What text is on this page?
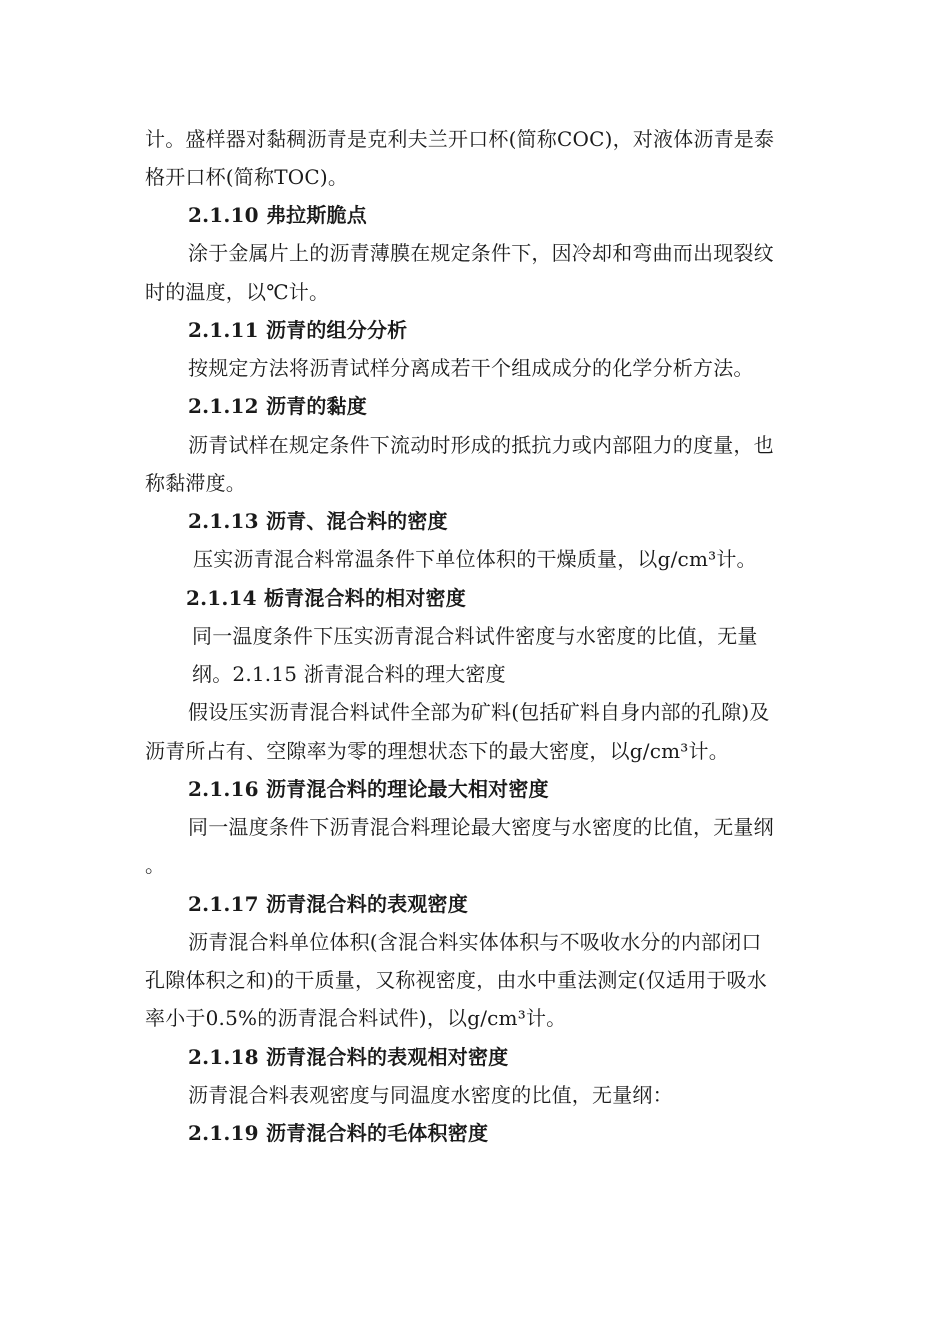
计。盛样器对黏稠沥青是克利夫兰开口杯(简称COC)，对液体沥青是泰
格开口杯(简称TOC)。
2.1.10 弗拉斯脆点
涂于金属片上的沥青薄膜在规定条件下，因冷却和弯曲而出现裂纹
时的温度，以℃计。
2.1.11 沥青的组分分析
按规定方法将沥青试样分离成若干个组成成分的化学分析方法。
2.1.12 沥青的黏度
沥青试样在规定条件下流动时形成的抵抗力或内部阻力的度量，也
称黏滞度。
2.1.13 沥青、混合料的密度
压实沥青混合料常温条件下单位体积的干燥质量，以g/cm³计。
2.1.14 栃青混合料的相对密度
同一温度条件下压实沥青混合料试件密度与水密度的比值，无量
纲。2.1.15 浙青混合料的理大密度
假设压实沥青混合料试件全部为矿料(包括矿料自身内部的孔隙)及
沥青所占有、空隙率为零的理想状态下的最大密度，以g/cm³计。
2.1.16 沥青混合料的理论最大相对密度
同一温度条件下沥青混合料理论最大密度与水密度的比值，无量纲
。
2.1.17 沥青混合料的表观密度
沥青混合料单位体积(含混合料实体体积与不吸收水分的内部闭口
孔隙体积之和)的干质量，又称视密度，由水中重法测定(仅适用于吸水
率小于0.5%的沥青混合料试件)，以g/cm³计。
2.1.18 沥青混合料的表观相对密度
沥青混合料表观密度与同温度水密度的比值，无量纲：
2.1.19 沥青混合料的毛体积密度
